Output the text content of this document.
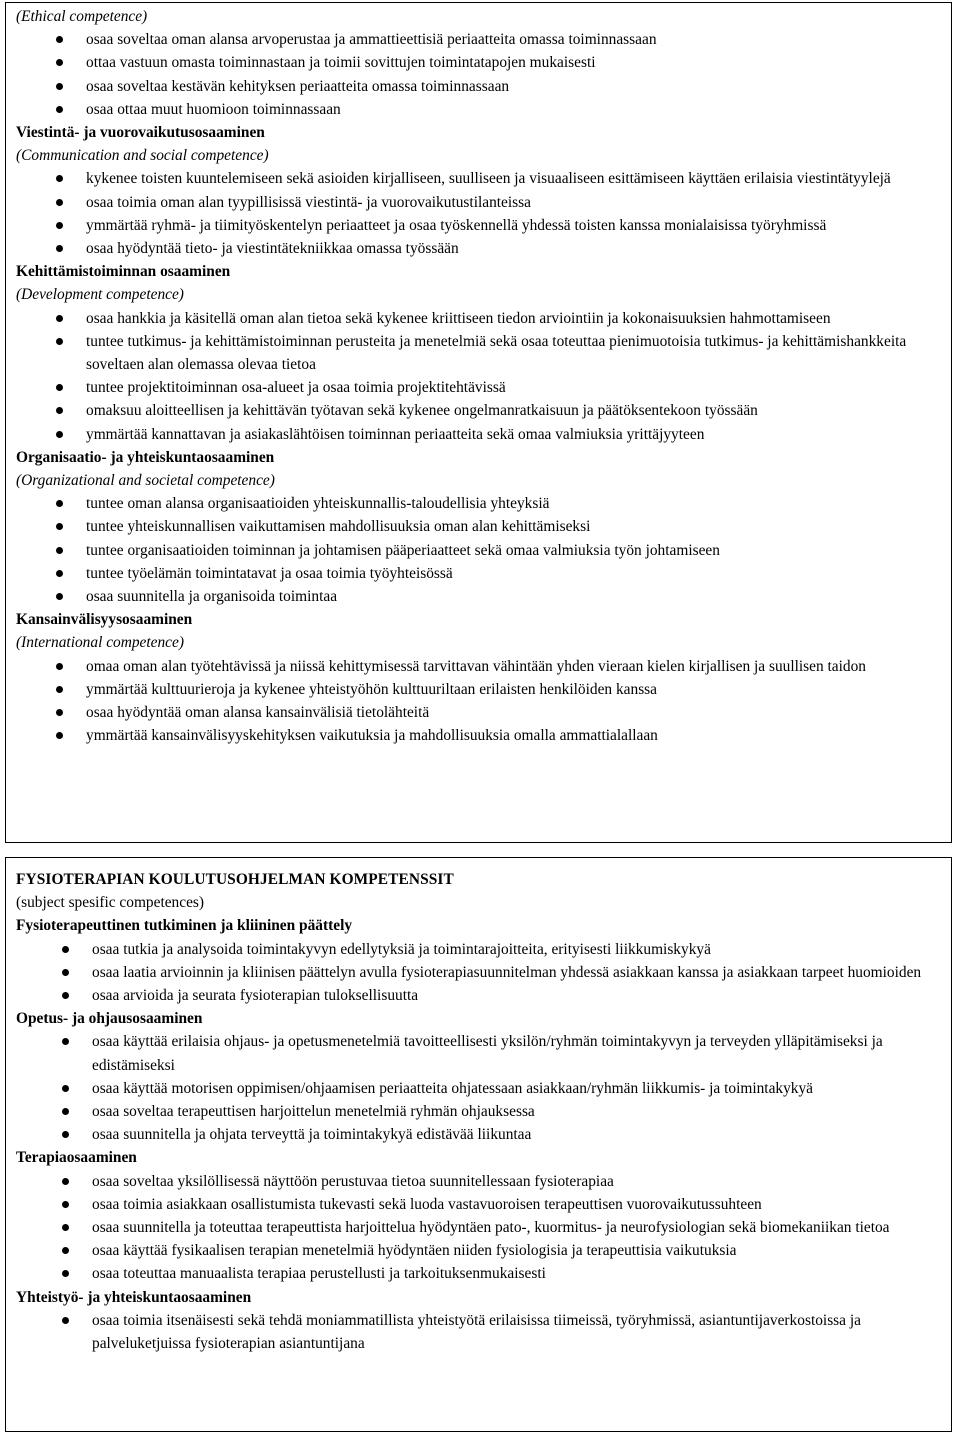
(Ethical competence)
osaa soveltaa oman alansa arvoperustaa ja ammattieettisiä periaatteita omassa toiminnassaan
ottaa vastuun omasta toiminnastaan ja toimii sovittujen toimintatapojen mukaisesti
osaa soveltaa kestävän kehityksen periaatteita omassa toiminnassaan
osaa ottaa muut huomioon toiminnassaan
Viestintä- ja vuorovaikutusosaaminen
(Communication and social competence)
kykenee toisten kuuntelemiseen sekä asioiden kirjalliseen, suulliseen ja visuaaliseen esittämiseen käyttäen erilaisia viestintätyylejä
osaa toimia oman alan tyypillisissä viestintä- ja vuorovaikutustilanteissa
ymmärtää ryhmä- ja tiimityöskentelyn periaatteet ja osaa työskennellä yhdessä toisten kanssa monialaisissa työryhmissä
osaa hyödyntää tieto- ja viestintätekniikkaa omassa työssään
Kehittämistoiminnan osaaminen
(Development competence)
osaa hankkia ja käsitellä oman alan tietoa sekä kykenee kriittiseen tiedon arviointiin ja kokonaisuuksien hahmottamiseen
tuntee tutkimus- ja kehittämistoiminnan perusteita ja menetelmiä sekä osaa toteuttaa pienimuotoisia tutkimus- ja kehittämishankkeita soveltaen alan olemassa olevaa tietoa
tuntee projektitoiminnan osa-alueet ja osaa toimia projektitehtävissä
omaksuu aloitteellisen ja kehittävän työtavan sekä kykenee ongelmanratkaisuun ja päätöksentekoon työssään
ymmärtää kannattavan ja asiakaslähtöisen toiminnan periaatteita sekä omaa valmiuksia yrittäjyyteen
Organisaatio- ja yhteiskuntaosaaminen
(Organizational and societal competence)
tuntee oman alansa organisaatioiden yhteiskunnallis-taloudellisia yhteyksiä
tuntee yhteiskunnallisen vaikuttamisen mahdollisuuksia oman alan kehittämiseksi
tuntee organisaatioiden toiminnan ja johtamisen pääperiaatteet sekä omaa valmiuksia työn johtamiseen
tuntee työelämän toimintatavat ja osaa toimia työyhteisössä
osaa suunnitella ja organisoida toimintaa
Kansainvälisyysosaaminen
(International competence)
omaa oman alan työtehtävissä ja niissä kehittymisessä tarvittavan vähintään yhden vieraan kielen kirjallisen ja suullisen taidon
ymmärtää kulttuurieroja ja kykenee yhteistyöhön kulttuuriltaan erilaisten henkilöiden kanssa
osaa hyödyntää oman alansa kansainvälisiä tietolähteitä
ymmärtää kansainvälisyyskehityksen vaikutuksia ja mahdollisuuksia omalla ammattialallaan
FYSIOTERAPIAN KOULUTUSOHJELMAN KOMPETENSSIT
(subject spesific competences)
Fysioterapeuttinen tutkiminen ja kliininen päättely
osaa tutkia ja analysoida toimintakyvyn edellytyksiä ja toimintarajoitteita, erityisesti liikkumiskykyä
osaa laatia arvioinnin ja kliinisen päättelyn avulla fysioterapiasuunnitelman yhdessä asiakkaan kanssa ja asiakkaan tarpeet huomioiden
osaa arvioida ja seurata fysioterapian tuloksellisuutta
Opetus- ja ohjausosaaminen
osaa käyttää erilaisia ohjaus- ja opetusmenetelmiä tavoitteellisesti yksilön/ryhmän toimintakyvyn ja terveyden ylläpitämiseksi ja edistämiseksi
osaa käyttää motorisen oppimisen/ohjaamisen periaatteita ohjatessaan asiakkaan/ryhmän liikkumis- ja toimintakykyä
osaa soveltaa terapeuttisen harjoittelun menetelmiä ryhmän ohjauksessa
osaa suunnitella ja ohjata terveyttä ja toimintakykyä edistävää liikuntaa
Terapiaosaaminen
osaa soveltaa yksilöllisessä näyttöön perustuvaa tietoa suunnitellessaan fysioterapiaa
osaa toimia asiakkaan osallistumista tukevasti sekä luoda vastavuoroisen terapeuttisen vuorovaikutussuhteen
osaa suunnitella ja toteuttaa terapeuttista harjoittelua hyödyntäen pato-, kuormitus- ja neurofysiologian sekä biomekaniikan tietoa
osaa käyttää fysikaalisen terapian menetelmiä hyödyntäen niiden fysiologisia ja terapeuttisia vaikutuksia
osaa toteuttaa manuaalista terapiaa perustellusti ja tarkoituksenmukaisesti
Yhteistyö- ja yhteiskuntaosaaminen
osaa toimia itsenäisesti sekä tehdä moniammatillista yhteistyötä erilaisissa tiimeissä, työryhmissä, asiantuntijaverkostoissa ja palveluketjuissa fysioterapian asiantuntijana
